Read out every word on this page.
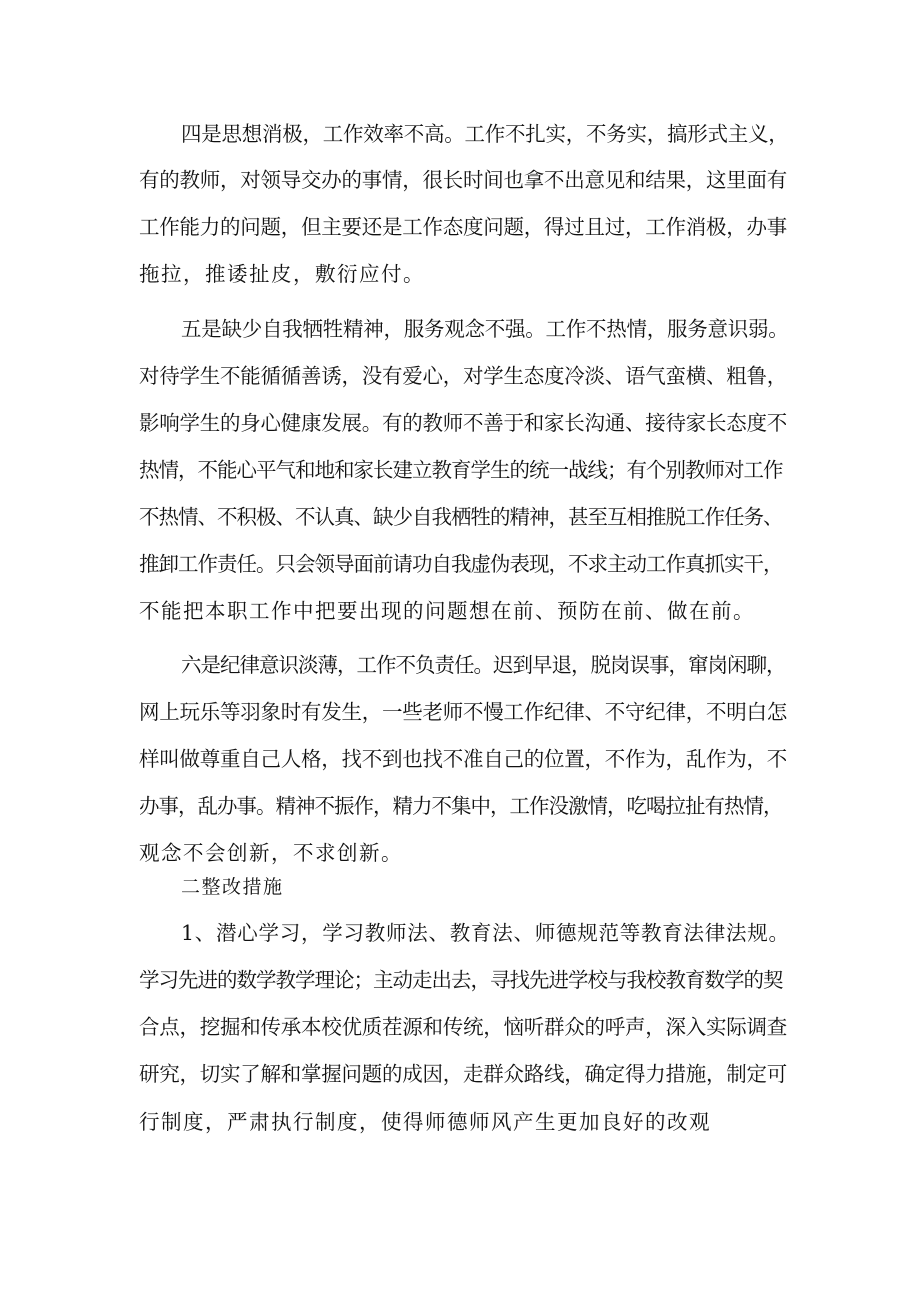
四是思想消极，工作效率不高。工作不扎实，不务实，搞形式主义，
有的教师，对领导交办的事情，很长时间也拿不出意见和结果，这里面有
工作能力的问题，但主要还是工作态度问题，得过且过，工作消极，办事
拖拉，推诿扯皮，敷衍应付。
五是缺少自我牺牲精神，服务观念不强。工作不热情，服务意识弱。
对待学生不能循循善诱，没有爱心，对学生态度冷淡、语气蛮横、粗鲁，
影响学生的身心健康发展。有的教师不善于和家长沟通、接待家长态度不
热情，不能心平气和地和家长建立教育学生的统一战线；有个别教师对工作
不热情、不积极、不认真、缺少自我栖牲的精神，甚至互相推脱工作任务、
推卸工作责任。只会领导面前请功自我虚伪表现，不求主动工作真抓实干，
不能把本职工作中把要出现的问题想在前、预防在前、做在前。
六是纪律意识淡薄，工作不负责任。迟到早退，脱岗误事，窜岗闲聊，
网上玩乐等羽象时有发生，一些老师不慢工作纪律、不守纪律，不明白怎
样叫做尊重自己人格，找不到也找不准自己的位置，不作为，乱作为，不
办事，乱办事。精神不振作，精力不集中，工作没激情，吃喝拉扯有热情，
观念不会创新，不求创新。
二整改措施
1、潜心学习，学习教师法、教育法、师德规范等教育法律法规。
学习先进的数学教学理论；主动走出去，寻找先进学校与我校教育数学的契
合点，挖掘和传承本校优质茬源和传统，恼听群众的呼声，深入实际调查
研究，切实了解和掌握问题的成因，走群众路线，确定得力措施，制定可
行制度，严肃执行制度，使得师德师风产生更加良好的改观
